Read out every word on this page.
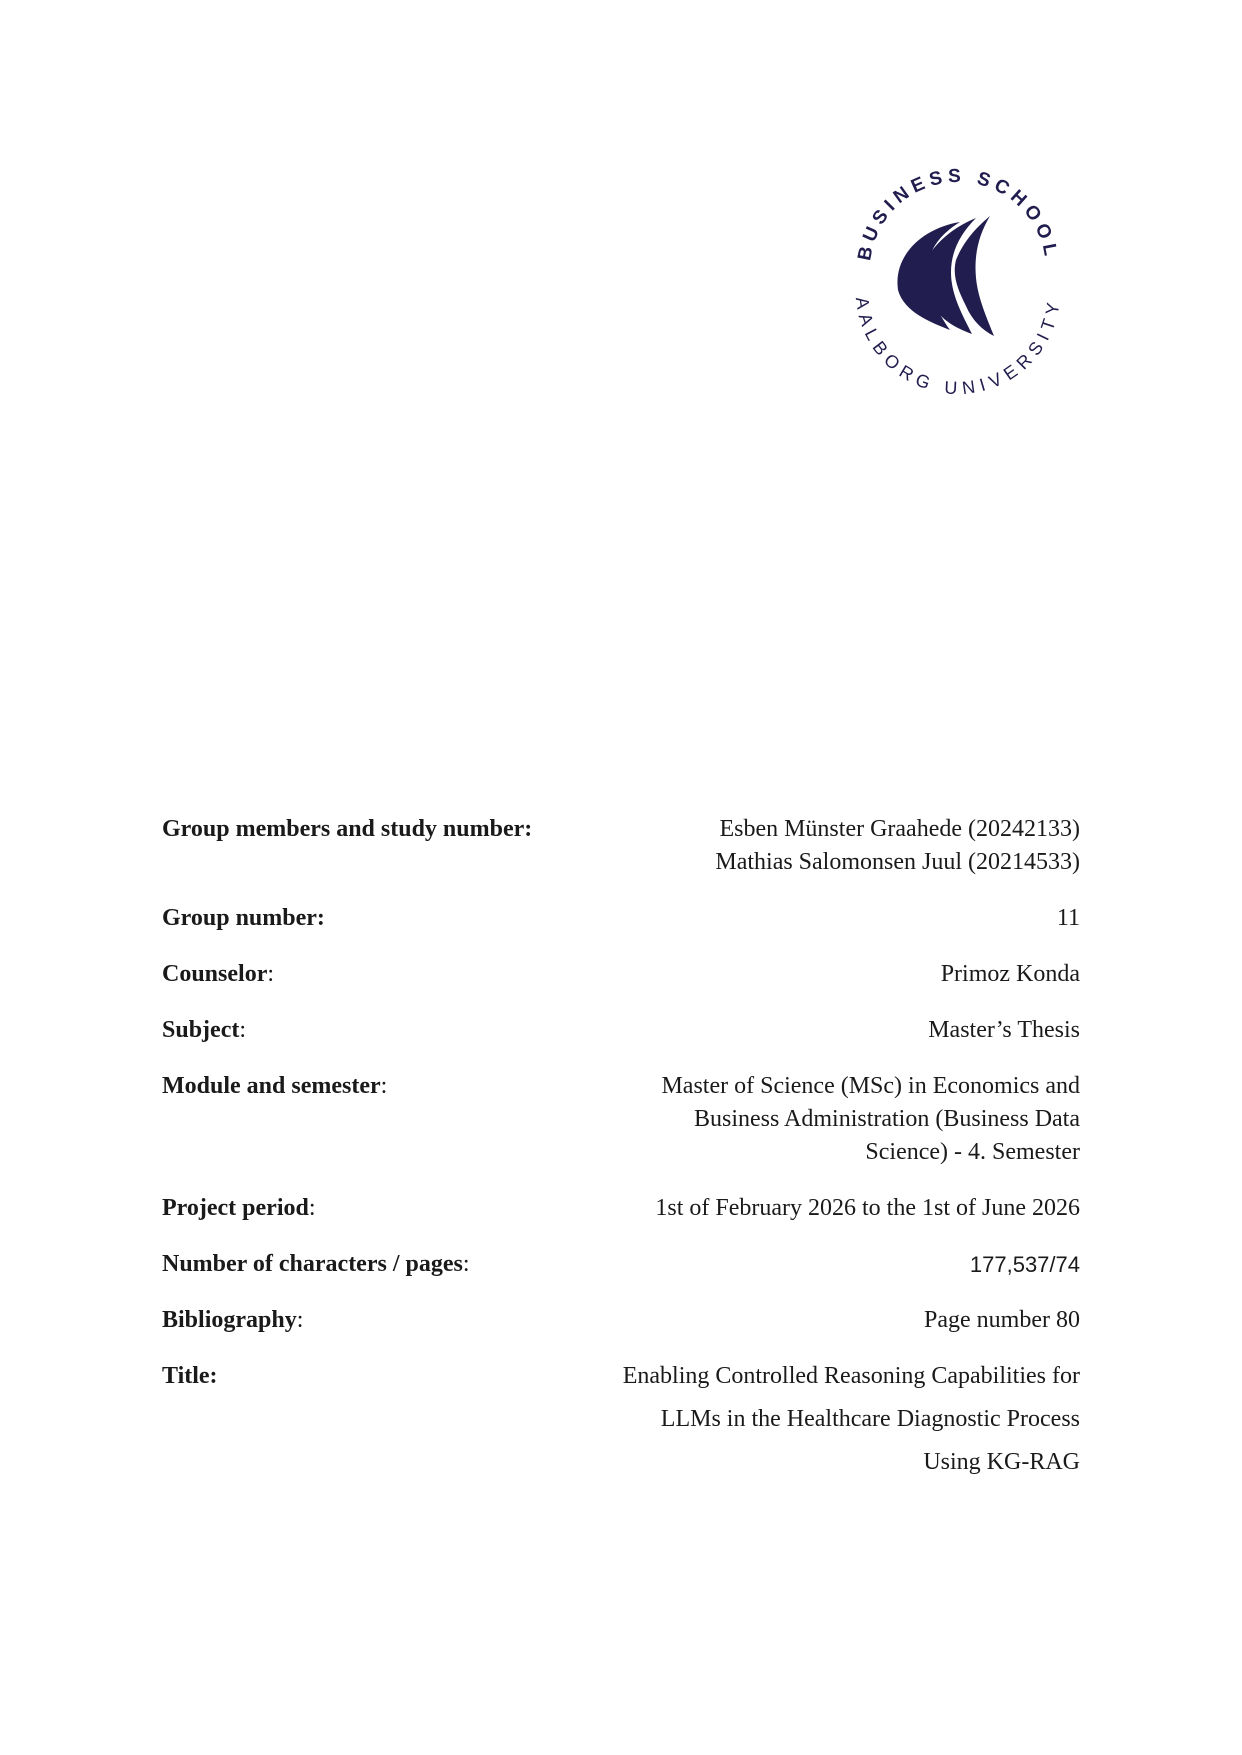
BUSINESS SCHOOL
AALBORG UNIVERSITY
Group members and study number:	Esben Münster Graahede (20242133)
Mathias Salomonsen Juul (20214533)
Group number:	11
Counselor:	Primoz Konda
Subject:	Master’s Thesis
Module and semester:	Master of Science (MSc) in Economics and
Business Administration (Business Data
Science) - 4. Semester
Project period:	1st of February 2026 to the 1st of June 2026
Number of characters / pages:	177,537/74
Bibliography:	Page number 80
Title:	Enabling Controlled Reasoning Capabilities for
LLMs in the Healthcare Diagnostic Process
Using KG-RAG
